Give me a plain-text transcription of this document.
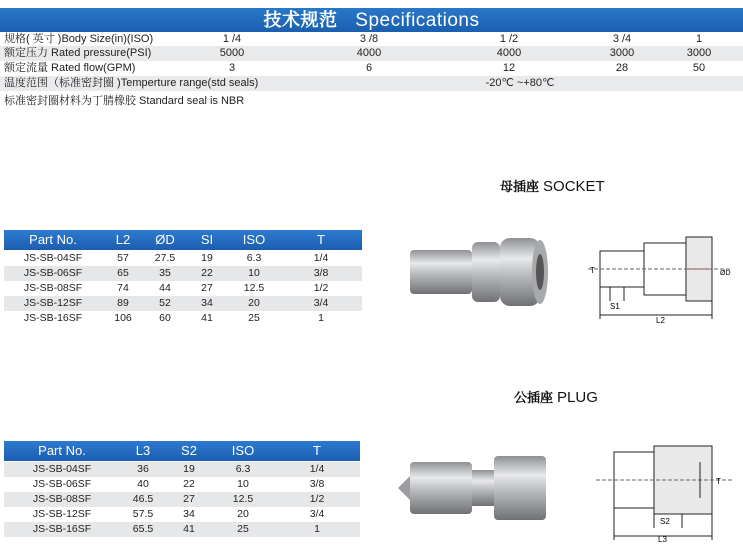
技术规范 Specifications
规格( 英寸 )Body Size(in)(ISO)	1 /4	3 /8	1 /2	3 /4	1
额定压力 Rated pressure(PSI)	5000	4000	4000	3000	3000
额定流量 Rated flow(GPM)	3	6	12	28	50
温度范围（标准密封圈 )Temperture range(std seals)	-20℃ ~+80℃
标准密封圈材料为丁腈橡胶 Standard seal is NBR
母插座 SOCKET
Part No.	L2	ØD	SI	ISO	T
JS-SB-04SF	57	27.5	19	6.3	1/4
JS-SB-06SF	65	35	22	10	3/8
JS-SB-08SF	74	44	27	12.5	1/2
JS-SB-12SF	89	52	34	20	3/4
JS-SB-16SF	106	60	41	25	1
T
S1
L2
ØD
公插座 PLUG
Part No.	L3	S2	ISO	T
JS-SB-04SF	36	19	6.3	1/4
JS-SB-06SF	40	22	10	3/8
JS-SB-08SF	46.5	27	12.5	1/2
JS-SB-12SF	57.5	34	20	3/4
JS-SB-16SF	65.5	41	25	1
S2
L3
T
